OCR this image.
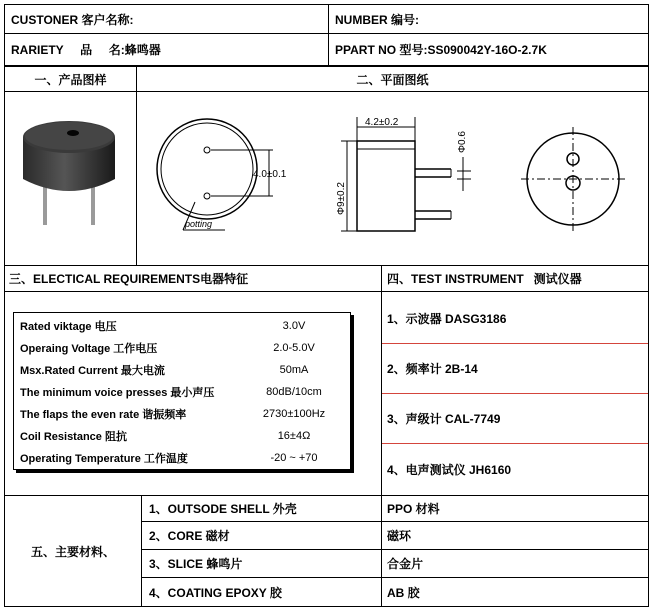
CUSTONER 客户名称:	NUMBER 编号:
RARIETY     品     名:蜂鸣器	PPART NO 型号:SS090042Y-16O-2.7K
一、产品图样	二、平面图纸
4.0±0.1
potting
4.2±0.2
Φ9±0.2
Φ0.6
三、ELECTICAL REQUIREMENTS电器特征	四、TEST INSTRUMENT   测试仪器
1、示波器 DASG3186
2、频率计 2B-14
3、声级计 CAL-7749
4、电声测试仪 JH6160
Rated viktage 电压	3.0V
Operaing Voltage 工作电压	2.0-5.0V
Msx.Rated Current 最大电流	50mA
The minimum voice presses 最小声压	80dB/10cm
The flaps the even rate 谐振频率	2730±100Hz
Coil Resistance 阻抗	16±4Ω
Operating Temperature 工作温度	-20 ~ +70
五、主要材料、
1、OUTSODE SHELL 外壳	PPO 材料
2、CORE 磁材	磁环
3、SLICE 蜂鸣片	合金片
4、COATING EPOXY 胶	AB 胶
